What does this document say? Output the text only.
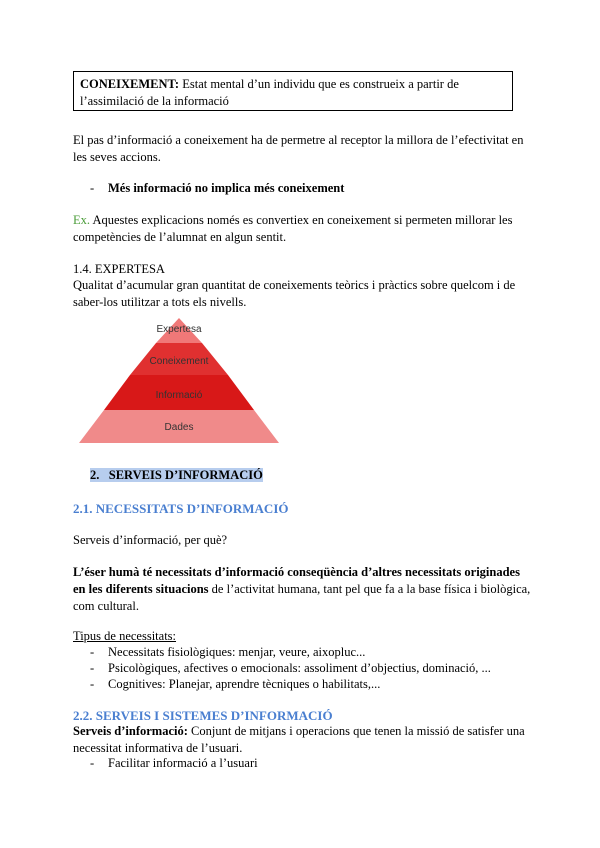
CONEIXEMENT: Estat mental d’un individu que es construeix a partir de l’assimilació de la informació
El pas d’informació a coneixement ha de permetre al receptor la millora de l’efectivitat en les seves accions.
- Més informació no implica més coneixement
Ex. Aquestes explicacions només es convertiex en coneixement si permeten millorar les competències de l’alumnat en algun sentit.
1.4. EXPERTESA
Qualitat d’acumular gran quantitat de coneixements teòrics i pràctics sobre quelcom i de saber-los utilitzar a tots els nivells.
Expertesa
Coneixement
Informació
Dades
2. SERVEIS D’INFORMACIÓ
2.1. NECESSITATS D’INFORMACIÓ
Serveis d’informació, per què?
L’éser humà té necessitats d’informació conseqüència d’altres necessitats originades en les diferents situacions de l’activitat humana, tant pel que fa a la base física i biològica, com cultural.
Tipus de necessitats:
- Necessitats fisiològiques: menjar, veure, aixopluc...
- Psicològiques, afectives o emocionals: assoliment d’objectius, dominació, ...
- Cognitives: Planejar, aprendre tècniques o habilitats,...
2.2. SERVEIS I SISTEMES D’INFORMACIÓ
Serveis d’informació: Conjunt de mitjans i operacions que tenen la missió de satisfer una necessitat informativa de l’usuari.
- Facilitar informació a l’usuari
